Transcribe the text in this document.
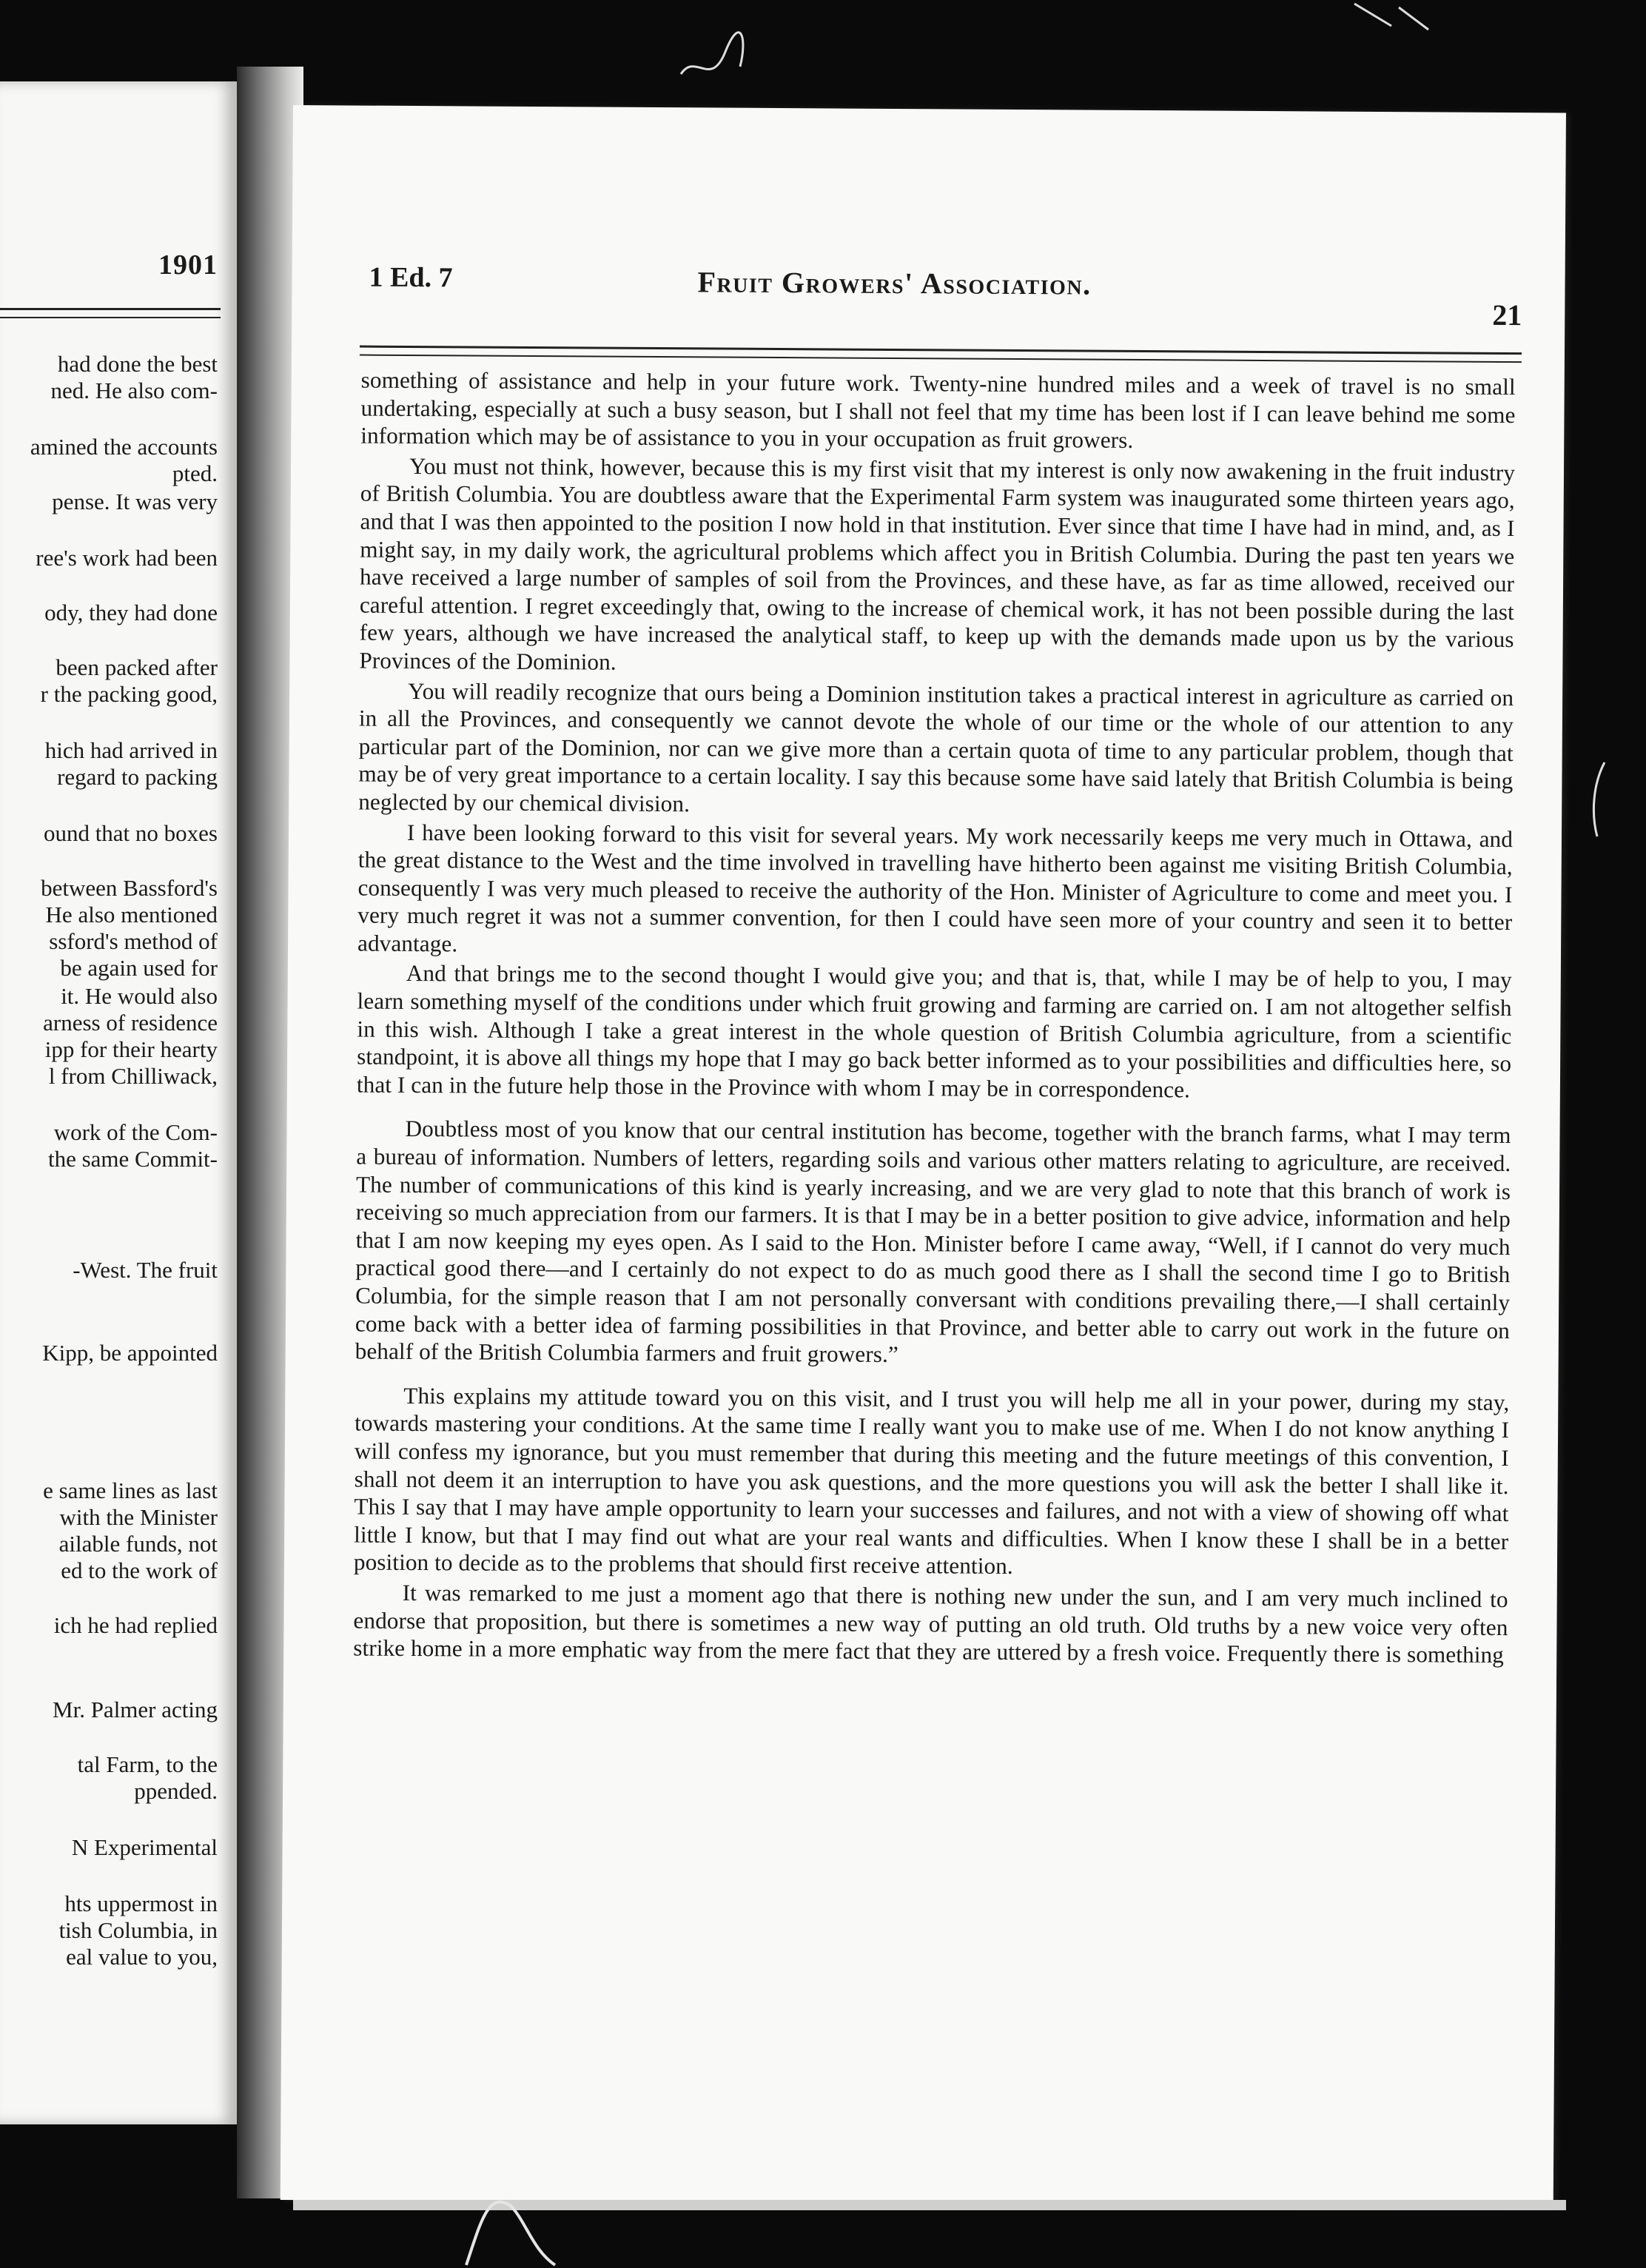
1901
had done the best
ned. He also com-
amined the accounts
pted.
pense. It was very
ree's work had been
ody, they had done
been packed after
r the packing good,
hich had arrived in
regard to packing
ound that no boxes
between Bassford's
He also mentioned
ssford's method of
be again used for
it. He would also
arness of residence
ipp for their hearty
l from Chilliwack,
work of the Com-
the same Commit-
-West. The fruit
Kipp, be appointed
e same lines as last
with the Minister
ailable funds, not
ed to the work of
ich he had replied
Mr. Palmer acting
tal Farm, to the
ppended.
N Experimental
hts uppermost in
tish Columbia, in
eal value to you,
1 Ed. 7	Fruit Growers' Association.
21

something of assistance and help in your future work. Twenty-nine hundred miles and a week of travel is no small undertaking, especially at such a busy season, but I shall not feel that my time has been lost if I can leave behind me some information which may be of assistance to you in your occupation as fruit growers.

You must not think, however, because this is my first visit that my interest is only now awakening in the fruit industry of British Columbia. You are doubtless aware that the Experimental Farm system was inaugurated some thirteen years ago, and that I was then appointed to the position I now hold in that institution. Ever since that time I have had in mind, and, as I might say, in my daily work, the agricultural problems which affect you in British Columbia. During the past ten years we have received a large number of samples of soil from the Provinces, and these have, as far as time allowed, received our careful attention. I regret exceedingly that, owing to the increase of chemical work, it has not been possible during the last few years, although we have increased the analytical staff, to keep up with the demands made upon us by the various Provinces of the Dominion.

You will readily recognize that ours being a Dominion institution takes a practical interest in agriculture as carried on in all the Provinces, and consequently we cannot devote the whole of our time or the whole of our attention to any particular part of the Dominion, nor can we give more than a certain quota of time to any particular problem, though that may be of very great importance to a certain locality. I say this because some have said lately that British Columbia is being neglected by our chemical division.

I have been looking forward to this visit for several years. My work necessarily keeps me very much in Ottawa, and the great distance to the West and the time involved in travelling have hitherto been against me visiting British Columbia, consequently I was very much pleased to receive the authority of the Hon. Minister of Agriculture to come and meet you. I very much regret it was not a summer convention, for then I could have seen more of your country and seen it to better advantage.

And that brings me to the second thought I would give you; and that is, that, while I may be of help to you, I may learn something myself of the conditions under which fruit growing and farming are carried on. I am not altogether selfish in this wish. Although I take a great interest in the whole question of British Columbia agriculture, from a scientific standpoint, it is above all things my hope that I may go back better informed as to your possibilities and difficulties here, so that I can in the future help those in the Province with whom I may be in correspondence.

Doubtless most of you know that our central institution has become, together with the branch farms, what I may term a bureau of information. Numbers of letters, regarding soils and various other matters relating to agriculture, are received. The number of communications of this kind is yearly increasing, and we are very glad to note that this branch of work is receiving so much appreciation from our farmers. It is that I may be in a better position to give advice, information and help that I am now keeping my eyes open. As I said to the Hon. Minister before I came away, “Well, if I cannot do very much practical good there—and I certainly do not expect to do as much good there as I shall the second time I go to British Columbia, for the simple reason that I am not personally conversant with conditions prevailing there,—I shall certainly come back with a better idea of farming possibilities in that Province, and better able to carry out work in the future on behalf of the British Columbia farmers and fruit growers.”

This explains my attitude toward you on this visit, and I trust you will help me all in your power, during my stay, towards mastering your conditions. At the same time I really want you to make use of me. When I do not know anything I will confess my ignorance, but you must remember that during this meeting and the future meetings of this convention, I shall not deem it an interruption to have you ask questions, and the more questions you will ask the better I shall like it. This I say that I may have ample opportunity to learn your successes and failures, and not with a view of showing off what little I know, but that I may find out what are your real wants and difficulties. When I know these I shall be in a better position to decide as to the problems that should first receive attention.

It was remarked to me just a moment ago that there is nothing new under the sun, and I am very much inclined to endorse that proposition, but there is sometimes a new way of putting an old truth. Old truths by a new voice very often strike home in a more emphatic way from the mere fact that they are uttered by a fresh voice. Frequently there is something
